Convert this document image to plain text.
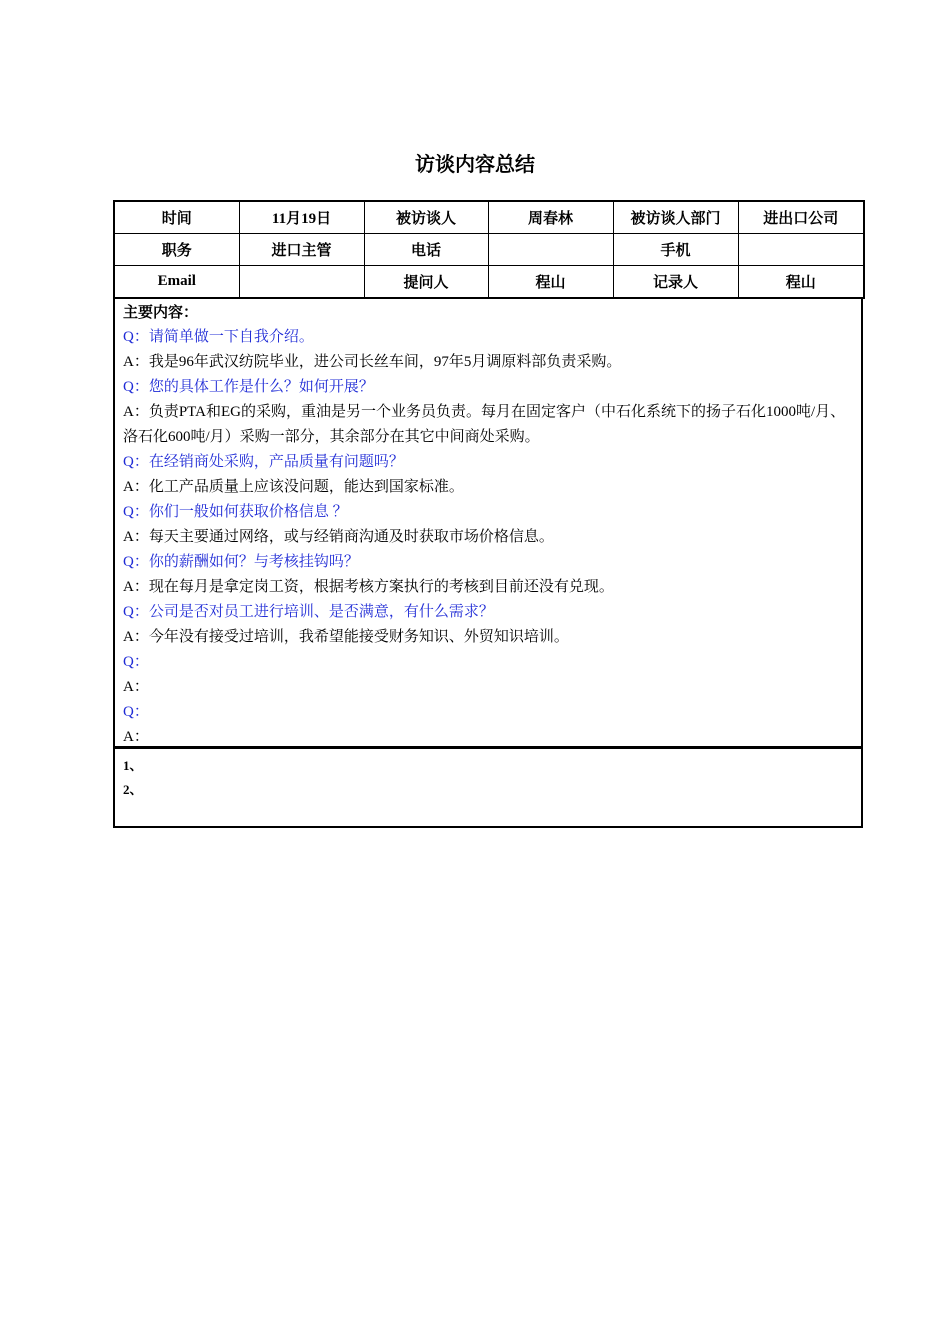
访谈内容总结
时间	11月19日	被访谈人	周春林	被访谈人部门	进出口公司
职务	进口主管	电话		手机	
Email		提问人	程山	记录人	程山
主要内容：
Q：请简单做一下自我介绍。
A：我是96年武汉纺院毕业，进公司长丝车间，97年5月调原料部负责采购。
Q：您的具体工作是什么？如何开展？
A：负责PTA和EG的采购，重油是另一个业务员负责。每月在固定客户（中石化系统下的扬子石化1000吨/月、洛石化600吨/月）采购一部分，其余部分在其它中间商处采购。
Q：在经销商处采购，产品质量有问题吗？
A：化工产品质量上应该没问题，能达到国家标准。
Q：你们一般如何获取价格信息 ？
A：每天主要通过网络，或与经销商沟通及时获取市场价格信息。
Q：你的薪酬如何？与考核挂钩吗？
A：现在每月是拿定岗工资，根据考核方案执行的考核到目前还没有兑现。
Q：公司是否对员工进行培训、是否满意，有什么需求？
A：今年没有接受过培训，我希望能接受财务知识、外贸知识培训。
Q：
A：
Q：
A：
1、
2、
